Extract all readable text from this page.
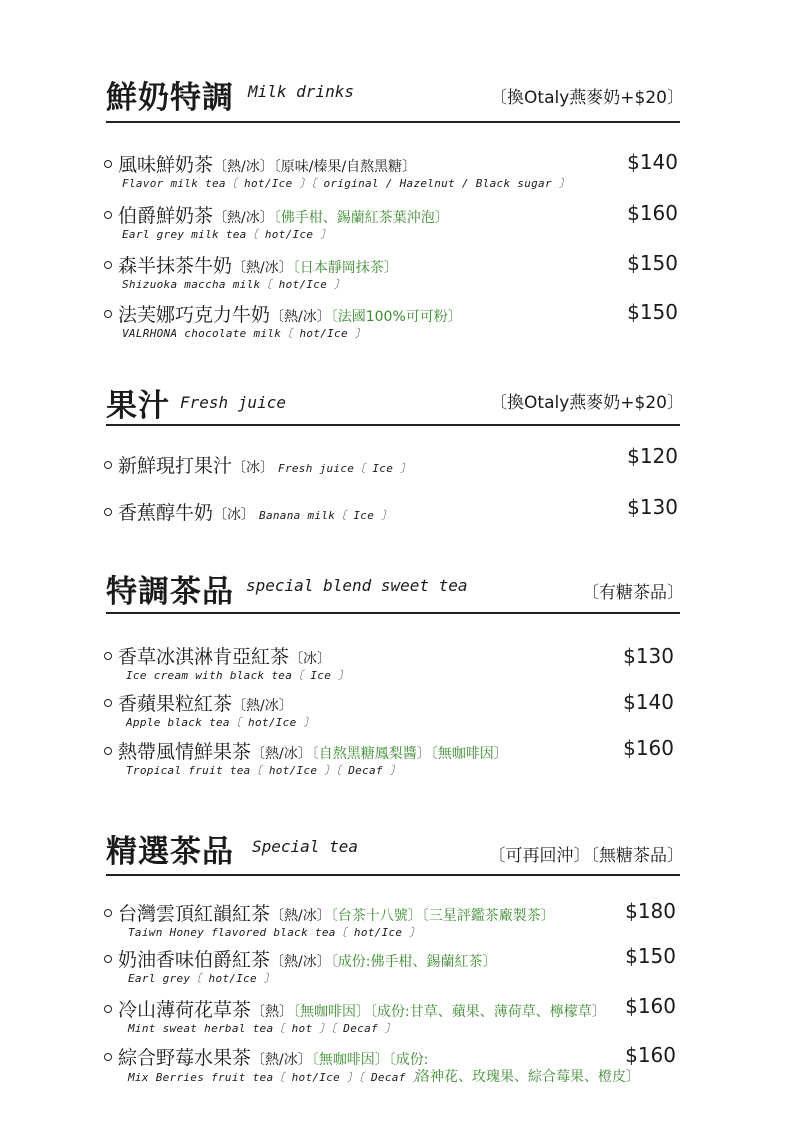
鮮奶特調 Milk drinks	〔換Otaly燕麥奶+$20〕
風味鮮奶茶〔熱/冰〕〔原味/榛果/自熬黑糖〕
Flavor milk tea〔 hot/Ice 〕〔 original / Hazelnut / Black sugar 〕
$140
伯爵鮮奶茶〔熱/冰〕〔佛手柑、錫蘭紅茶葉沖泡〕
Earl grey milk tea〔 hot/Ice 〕
$160
森半抹茶牛奶〔熱/冰〕〔日本靜岡抹茶〕
Shizuoka maccha milk〔 hot/Ice 〕
$150
法芙娜巧克力牛奶〔熱/冰〕〔法國100%可可粉〕
VALRHONA chocolate milk〔 hot/Ice 〕
$150
果汁 Fresh juice	〔換Otaly燕麥奶+$20〕
新鮮現打果汁〔冰〕 Fresh juice〔 Ice 〕
$120
香蕉醇牛奶〔冰〕 Banana milk〔 Ice 〕	$130
特調茶品 special blend sweet tea	〔有糖茶品〕
香草冰淇淋肯亞紅茶〔冰〕
Ice cream with black tea〔 Ice 〕
$130
香蘋果粒紅茶〔熱/冰〕
Apple black tea〔 hot/Ice 〕
$140
熱帶風情鮮果茶〔熱/冰〕〔自熬黑糖鳳梨醬〕〔無咖啡因〕
Tropical fruit tea〔 hot/Ice 〕〔 Decaf 〕
$160
精選茶品 Special tea	〔可再回沖〕〔無糖茶品〕
台灣雲頂紅韻紅茶〔熱/冰〕〔台茶十八號〕〔三星評鑑茶廠製茶〕
Taiwn Honey flavored black tea〔 hot/Ice 〕
$180
奶油香味伯爵紅茶〔熱/冰〕〔成份:佛手柑、錫蘭紅茶〕
Earl grey〔 hot/Ice 〕
$150
冷山薄荷花草茶〔熱〕〔無咖啡因〕〔成份:甘草、蘋果、薄荷草、檸檬草〕
Mint sweat herbal tea〔 hot 〕〔 Decaf 〕
$160
綜合野莓水果茶〔熱/冰〕〔無咖啡因〕〔成份:
Mix Berries fruit tea〔 hot/Ice 〕〔 Decaf 〕
洛神花、玫瑰果、綜合莓果、橙皮〕
$160
